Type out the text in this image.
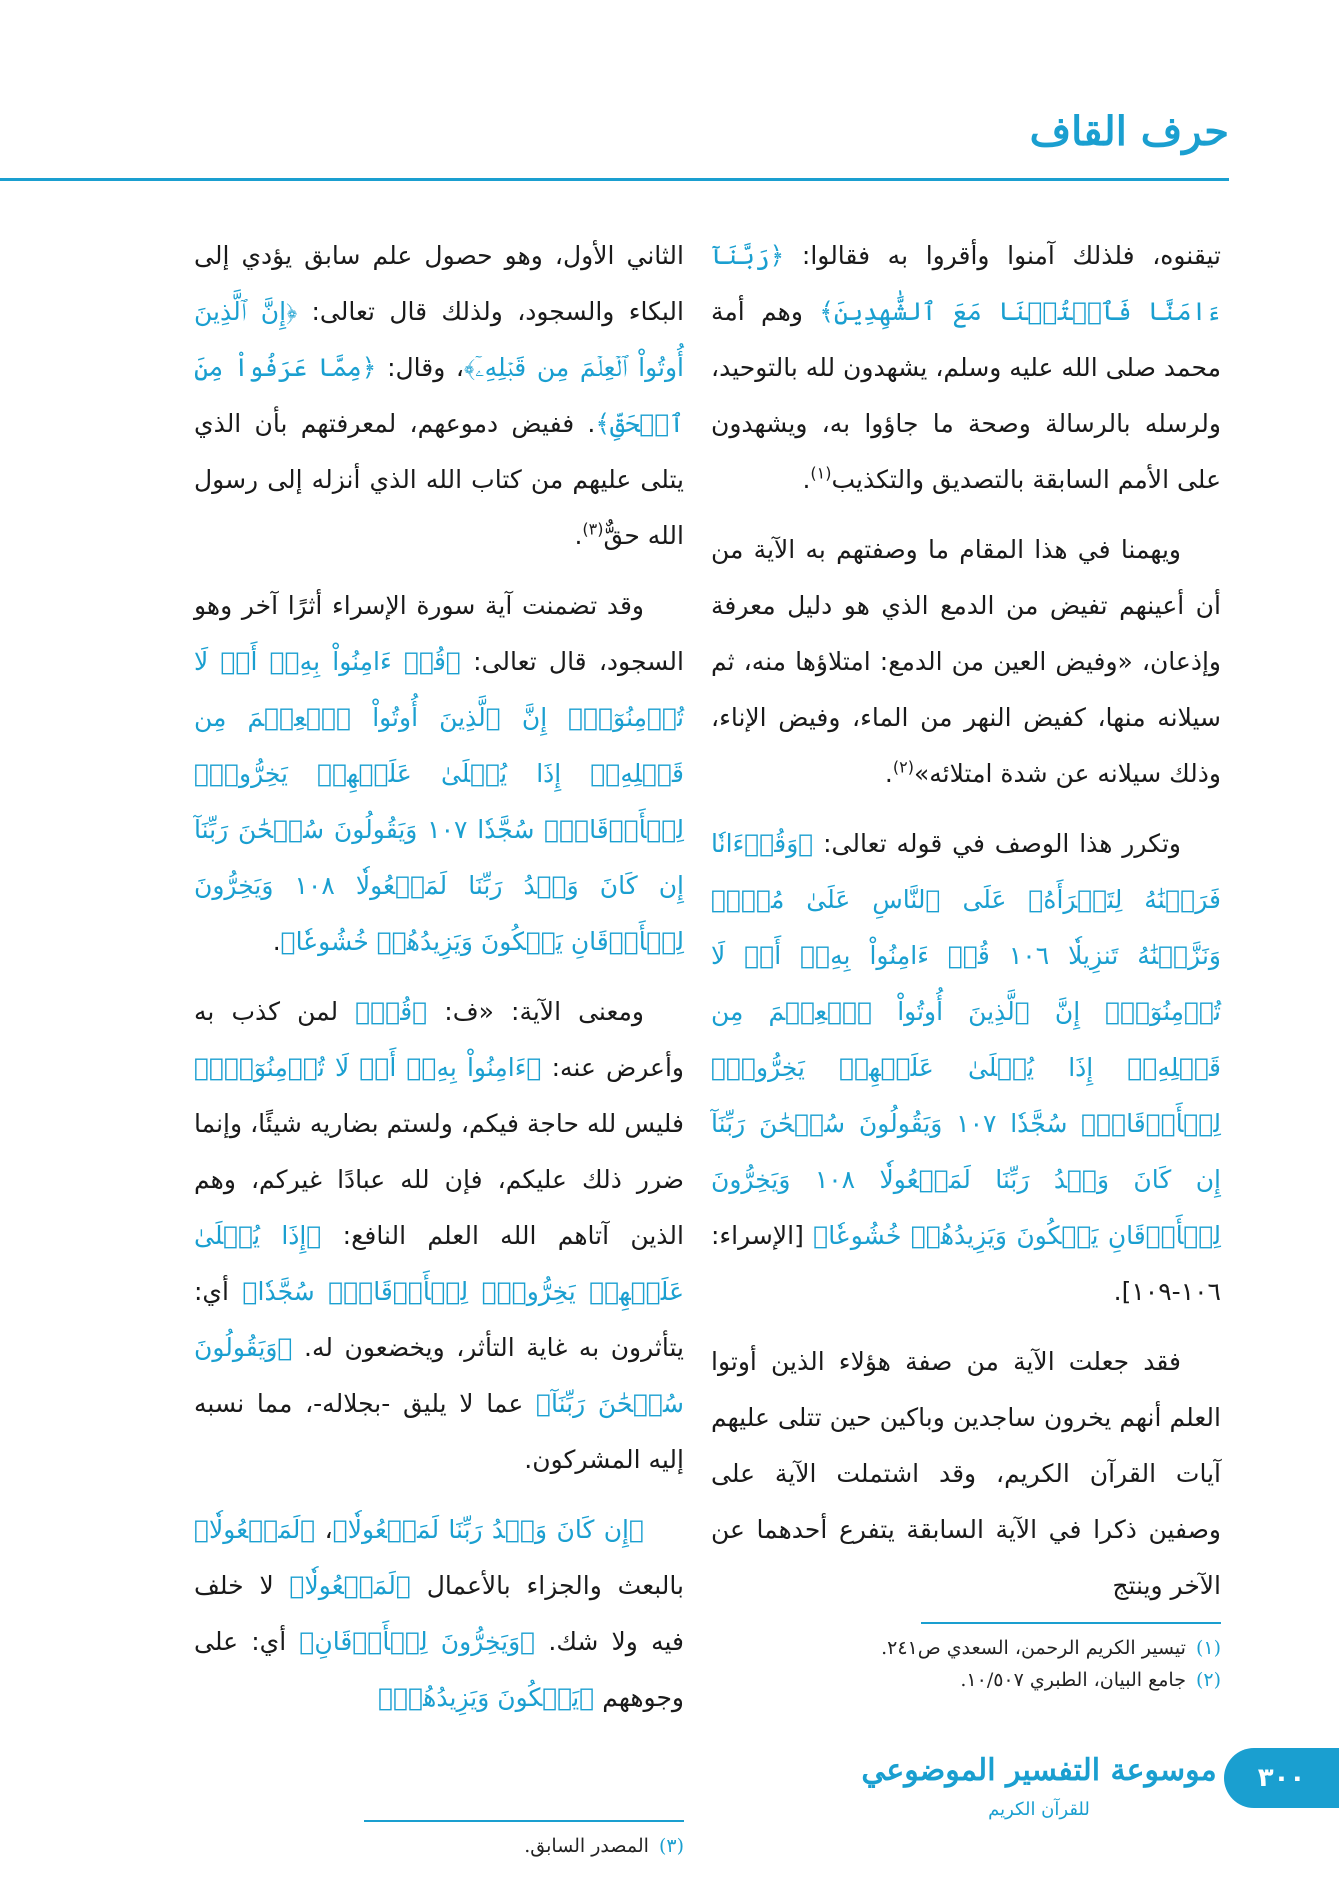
حرف القاف

تيقنوه، فلذلك آمنوا وأقروا به فقالوا: ﴿رَبَّنَآ ءَامَنَّا فَٱكۡتُبۡنَا مَعَ ٱلشَّٰهِدِينَ﴾ وهم أمة محمد صلى الله عليه وسلم، يشهدون لله بالتوحيد، ولرسله بالرسالة وصحة ما جاؤوا به، ويشهدون على الأمم السابقة بالتصديق والتكذيب$^{(١)}$.

ويهمنا في هذا المقام ما وصفتهم به الآية من أن أعينهم تفيض من الدمع الذي هو دليل معرفة وإذعان، «وفيض العين من الدمع: امتلاؤها منه، ثم سيلانه منها، كفيض النهر من الماء، وفيض الإناء، وذلك سيلانه عن شدة امتلائه»$^{(٢)}$.

وتكرر هذا الوصف في قوله تعالى: ﴿وَقُرۡءَانٗا فَرَقۡنَٰهُ لِتَقۡرَأَهُۥ عَلَى ٱلنَّاسِ عَلَىٰ مُكۡثٖ وَنَزَّلۡنَٰهُ تَنزِيلٗا ١٠٦ قُلۡ ءَامِنُواْ بِهِۦٓ أَوۡ لَا تُؤۡمِنُوٓاْۚ إِنَّ ٱلَّذِينَ أُوتُواْ ٱلۡعِلۡمَ مِن قَبۡلِهِۦٓ إِذَا يُتۡلَىٰ عَلَيۡهِمۡ يَخِرُّونَۤ لِلۡأَذۡقَانِۤ سُجَّدٗا ١٠٧ وَيَقُولُونَ سُبۡحَٰنَ رَبِّنَآ إِن كَانَ وَعۡدُ رَبِّنَا لَمَفۡعُولٗا ١٠٨ وَيَخِرُّونَ لِلۡأَذۡقَانِ يَبۡكُونَ وَيَزِيدُهُمۡ خُشُوعٗا﴾ [الإسراء: ١٠٦-١٠٩].

فقد جعلت الآية من صفة هؤلاء الذين أوتوا العلم أنهم يخرون ساجدين وباكين حين تتلى عليهم آيات القرآن الكريم، وقد اشتملت الآية على وصفين ذكرا في الآية السابقة يتفرع أحدهما عن الآخر وينتج

الثاني الأول، وهو حصول علم سابق يؤدي إلى البكاء والسجود، ولذلك قال تعالى: ﴿إِنَّ ٱلَّذِينَ أُوتُواْ ٱلۡعِلۡمَ مِن قَبۡلِهِۦٓ﴾، وقال: ﴿مِمَّا عَرَفُواْ مِنَ ٱلۡحَقِّ﴾. ففيض دموعهم، لمعرفتهم بأن الذي يتلى عليهم من كتاب الله الذي أنزله إلى رسول الله حقٌّ$^{(٣)}$.

وقد تضمنت آية سورة الإسراء أثرًا آخر وهو السجود، قال تعالى: ﴿قُلۡ ءَامِنُواْ بِهِۦٓ أَوۡ لَا تُؤۡمِنُوٓاْۚ إِنَّ ٱلَّذِينَ أُوتُواْ ٱلۡعِلۡمَ مِن قَبۡلِهِۦٓ إِذَا يُتۡلَىٰ عَلَيۡهِمۡ يَخِرُّونَۤ لِلۡأَذۡقَانِۤ سُجَّدٗا ١٠٧ وَيَقُولُونَ سُبۡحَٰنَ رَبِّنَآ إِن كَانَ وَعۡدُ رَبِّنَا لَمَفۡعُولٗا ١٠٨ وَيَخِرُّونَ لِلۡأَذۡقَانِ يَبۡكُونَ وَيَزِيدُهُمۡ خُشُوعٗا﴾.

ومعنى الآية: «ف: ﴿قُلۡ﴾ لمن كذب به وأعرض عنه: ﴿ءَامِنُواْ بِهِۦٓ أَوۡ لَا تُؤۡمِنُوٓاْۚ﴾ فليس لله حاجة فيكم، ولستم بضاريه شيئًا، وإنما ضرر ذلك عليكم، فإن لله عبادًا غيركم، وهم الذين آتاهم الله العلم النافع: ﴿إِذَا يُتۡلَىٰ عَلَيۡهِمۡ يَخِرُّونَۤ لِلۡأَذۡقَانِۤ سُجَّدٗا﴾ أي: يتأثرون به غاية التأثر، ويخضعون له. ﴿وَيَقُولُونَ سُبۡحَٰنَ رَبِّنَآ﴾ عما لا يليق -بجلاله-، مما نسبه إليه المشركون.

﴿إِن كَانَ وَعۡدُ رَبِّنَا لَمَفۡعُولٗا﴾، ﴿لَمَفۡعُولٗا﴾ بالبعث والجزاء بالأعمال ﴿لَمَفۡعُولٗا﴾ لا خلف فيه ولا شك. ﴿وَيَخِرُّونَ لِلۡأَذۡقَانِ﴾ أي: على وجوههم ﴿يَبۡكُونَ وَيَزِيدُهُمۡ﴾

(١)تيسير الكريم الرحمن، السعدي ص٢٤١.
(٢)جامع البيان، الطبري ١٠/٥٠٧.
(٣)المصدر السابق.
موسوعة التفسير الموضوعي
للقرآن الكريم
٣٠٠
